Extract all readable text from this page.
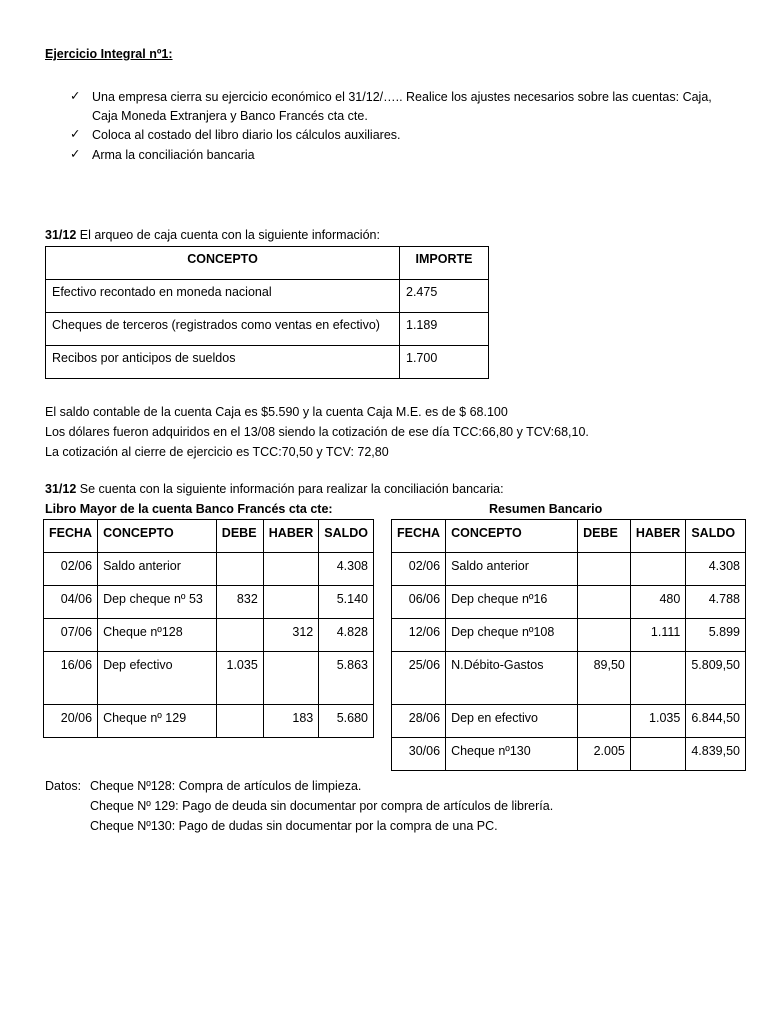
Ejercicio Integral nº1:
✓ Una empresa cierra su ejercicio económico el 31/12/….. Realice los ajustes necesarios sobre las cuentas: Caja,
Caja Moneda Extranjera y Banco Francés cta cte.
✓ Coloca al costado del libro diario los cálculos auxiliares.
✓ Arma la conciliación bancaria
31/12 El arqueo de caja cuenta con la siguiente información:
CONCEPTO	IMPORTE
Efectivo recontado en moneda nacional	2.475
Cheques de terceros (registrados como ventas en efectivo)	1.189
Recibos por anticipos de sueldos	1.700
El saldo contable de la cuenta Caja es $5.590 y la cuenta Caja M.E. es de $ 68.100
Los dólares fueron adquiridos en el 13/08 siendo la cotización de ese día TCC:66,80 y TCV:68,10.
La cotización al cierre de ejercicio es TCC:70,50 y TCV: 72,80
31/12 Se cuenta con la siguiente información para realizar la conciliación bancaria:
Libro Mayor de la cuenta Banco Francés cta cte:	Resumen Bancario
FECHA	CONCEPTO	DEBE	HABER	SALDO
02/06	Saldo anterior			4.308
04/06	Dep cheque nº 53	832		5.140
07/06	Cheque nº128		312	4.828
16/06	Dep efectivo	1.035		5.863
20/06	Cheque nº 129		183	5.680
FECHA	CONCEPTO	DEBE	HABER	SALDO
02/06	Saldo anterior			4.308
06/06	Dep cheque nº16		480	4.788
12/06	Dep cheque nº108		1.111	5.899
25/06	N.Débito-Gastos	89,50		5.809,50
28/06	Dep en efectivo		1.035	6.844,50
30/06	Cheque nº130	2.005		4.839,50
Datos: Cheque Nº128: Compra de artículos de limpieza.
Cheque Nº 129: Pago de deuda sin documentar por compra de artículos de librería.
Cheque Nº130: Pago de dudas sin documentar por la compra de una PC.
